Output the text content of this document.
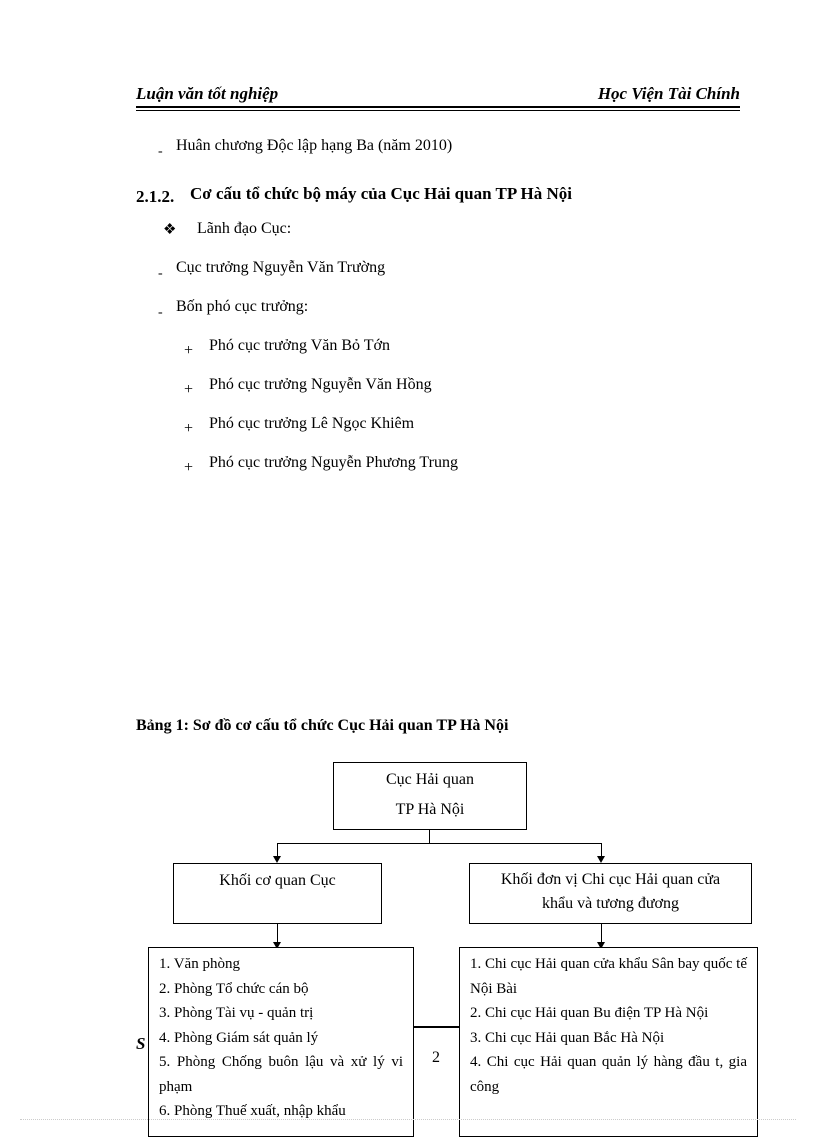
Luận văn tốt nghiệp	Học Viện Tài Chính
- Huân chương Độc lập hạng Ba (năm 2010)
2.1.2. Cơ cấu tổ chức bộ máy của Cục Hải quan TP Hà Nội
❖ Lãnh đạo Cục:
- Cục trưởng Nguyễn Văn Trường
- Bốn phó cục trưởng:
+ Phó cục trưởng Văn Bỏ Tớn
+ Phó cục trưởng Nguyễn Văn Hồng
+ Phó cục trưởng Lê Ngọc Khiêm
+ Phó cục trưởng Nguyễn Phương Trung
Bảng 1: Sơ đồ cơ cấu tổ chức Cục Hải quan TP Hà Nội
Cục Hải quan
TP Hà Nội
Khối cơ quan Cục	Khối đơn vị Chi cục Hải quan cửa
khẩu và tương đương
S
2
1. Văn phòng
2. Phòng Tổ chức cán bộ
3. Phòng Tài vụ - quản trị
4. Phòng Giám sát quản lý
5. Phòng Chống buôn lậu và xử lý vi phạm
6. Phòng Thuế xuất, nhập khẩu
1. Chi cục Hải quan cửa khẩu Sân bay quốc tế Nội Bài
2. Chi cục Hải quan Bu điện TP Hà Nội
3. Chi cục Hải quan Bắc Hà Nội
4. Chi cục Hải quan quản lý hàng đầu t, gia công
